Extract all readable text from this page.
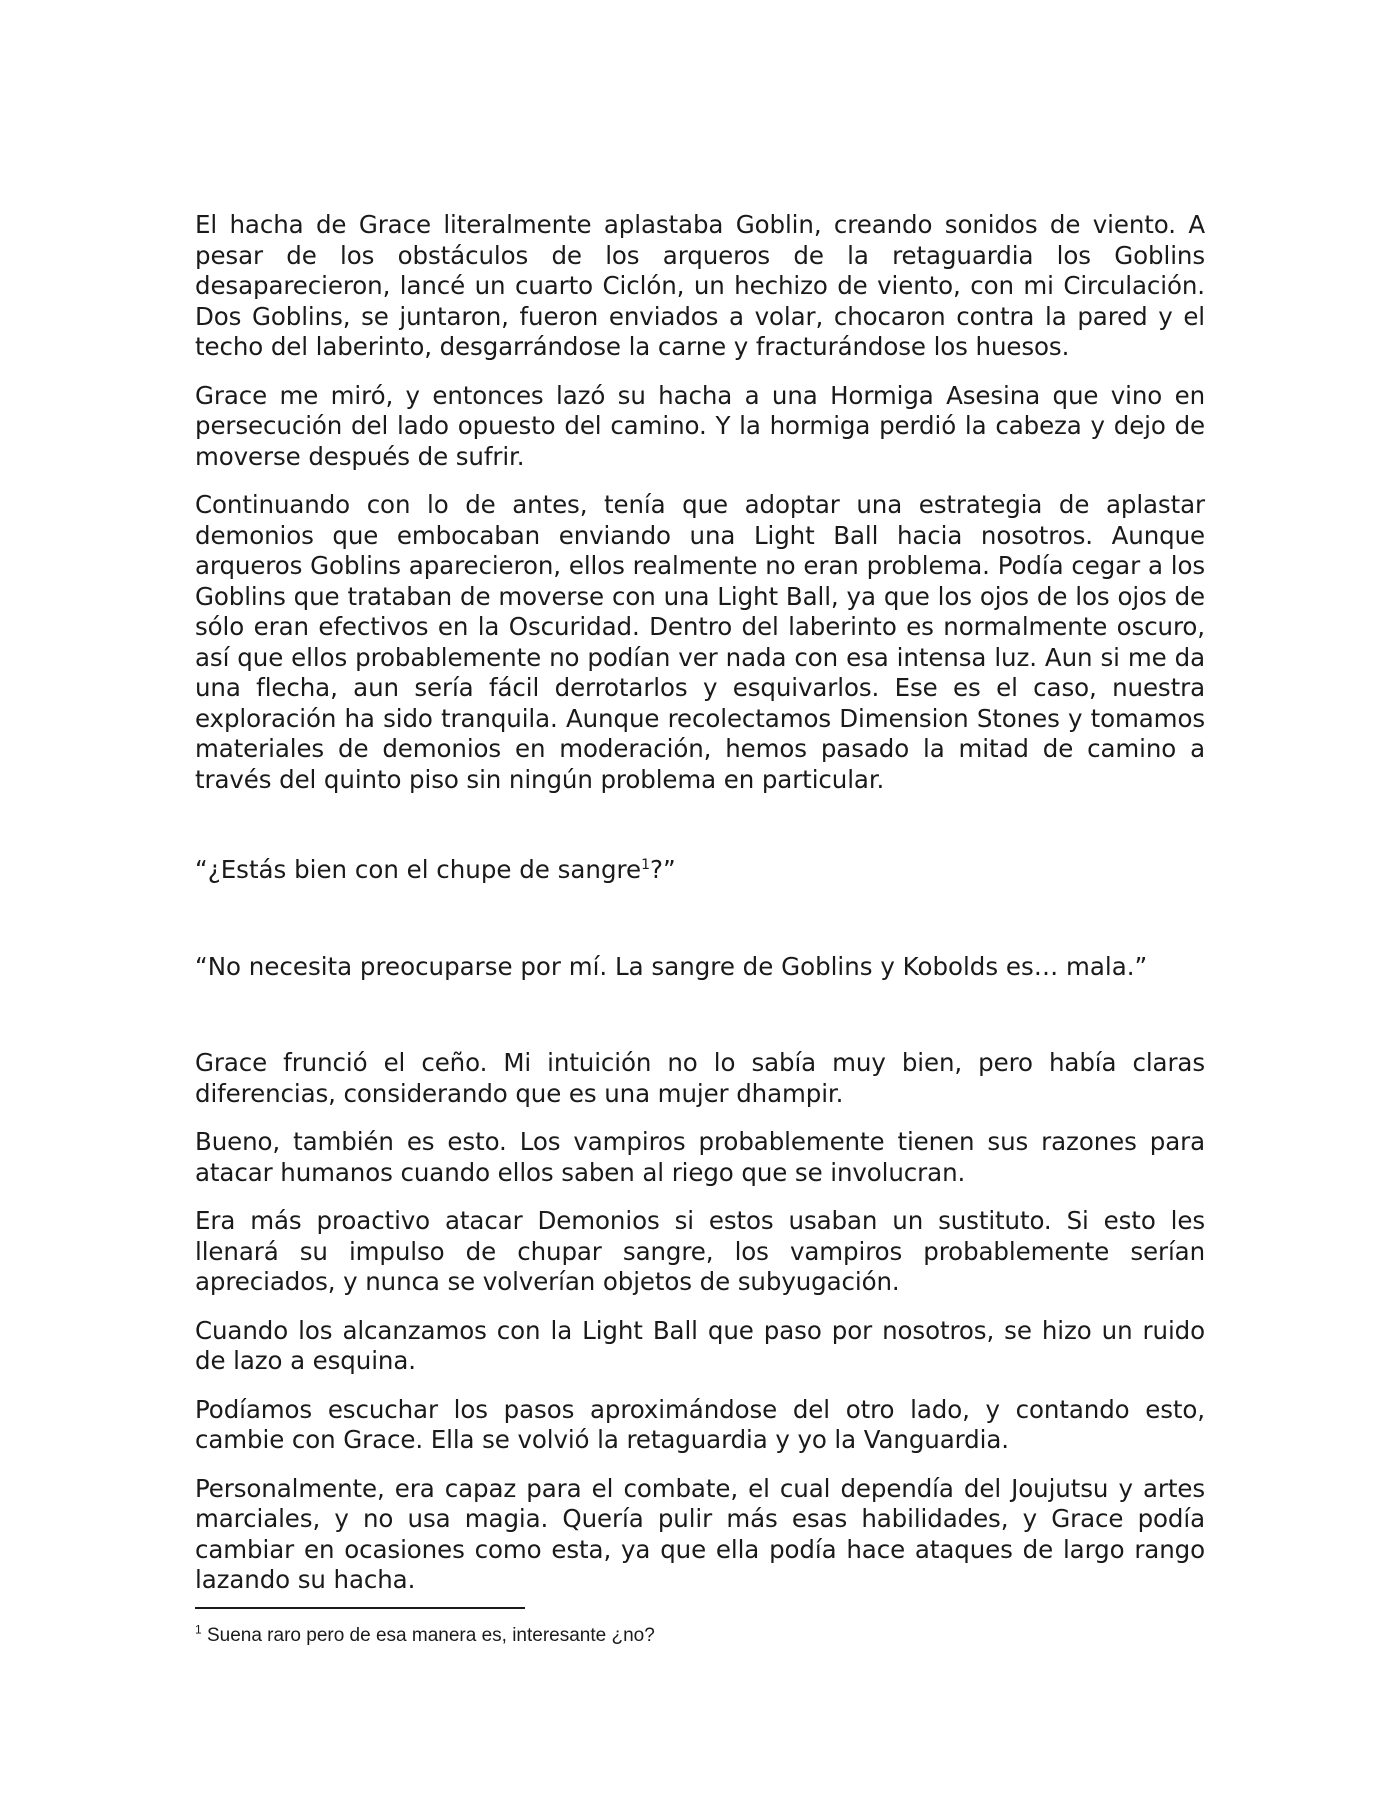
El hacha de Grace literalmente aplastaba Goblin, creando sonidos de viento. A pesar de los obstáculos de los arqueros de la retaguardia los Goblins desaparecieron, lancé un cuarto Ciclón, un hechizo de viento, con mi Circulación. Dos Goblins, se juntaron, fueron enviados a volar, chocaron contra la pared y el techo del laberinto, desgarrándose la carne y fracturándose los huesos.

Grace me miró, y entonces lazó su hacha a una Hormiga Asesina que vino en persecución del lado opuesto del camino. Y la hormiga perdió la cabeza y dejo de moverse después de sufrir.

Continuando con lo de antes, tenía que adoptar una estrategia de aplastar demonios que embocaban enviando una Light Ball hacia nosotros. Aunque arqueros Goblins aparecieron, ellos realmente no eran problema. Podía cegar a los Goblins que trataban de moverse con una Light Ball, ya que los ojos de los ojos de sólo eran efectivos en la Oscuridad. Dentro del laberinto es normalmente oscuro, así que ellos probablemente no podían ver nada con esa intensa luz. Aun si me da una flecha, aun sería fácil derrotarlos y esquivarlos. Ese es el caso, nuestra exploración ha sido tranquila. Aunque recolectamos Dimension Stones y tomamos materiales de demonios en moderación, hemos pasado la mitad de camino a través del quinto piso sin ningún problema en particular.

“¿Estás bien con el chupe de sangre$^1$?”

“No necesita preocuparse por mí. La sangre de Goblins y Kobolds es… mala.”

Grace frunció el ceño. Mi intuición no lo sabía muy bien, pero había claras diferencias, considerando que es una mujer dhampir.

Bueno, también es esto. Los vampiros probablemente tienen sus razones para atacar humanos cuando ellos saben al riego que se involucran.

Era más proactivo atacar Demonios si estos usaban un sustituto. Si esto les llenará su impulso de chupar sangre, los vampiros probablemente serían apreciados, y nunca se volverían objetos de subyugación.

Cuando los alcanzamos con la Light Ball que paso por nosotros, se hizo un ruido de lazo a esquina.

Podíamos escuchar los pasos aproximándose del otro lado, y contando esto, cambie con Grace. Ella se volvió la retaguardia y yo la Vanguardia.

Personalmente, era capaz para el combate, el cual dependía del Joujutsu y artes marciales, y no usa magia. Quería pulir más esas habilidades, y Grace podía cambiar en ocasiones como esta, ya que ella podía hace ataques de largo rango lazando su hacha.

$^1$ Suena raro pero de esa manera es, interesante ¿no?
